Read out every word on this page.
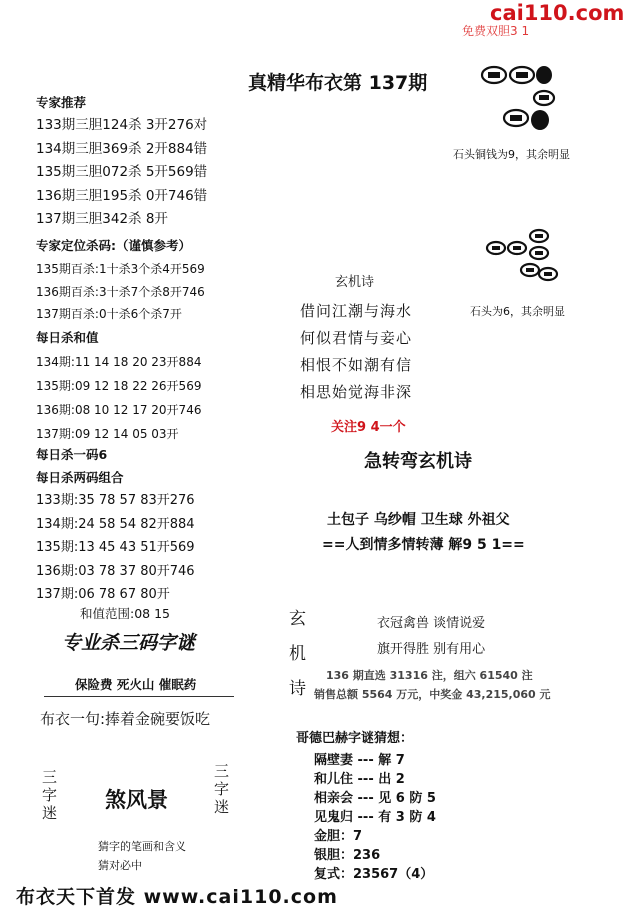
cai110.com
免费双胆3 1
真精华布衣第 137期
专家推荐
133期三胆124杀 3开276对
134期三胆369杀 2开884错
135期三胆072杀 5开569错
136期三胆195杀 0开746错
137期三胆342杀 8开
专家定位杀码:（谨慎参考）
135期百杀:1十杀3个杀4开569
136期百杀:3十杀7个杀8开746
137期百杀:0十杀6个杀7开
每日杀和值
134期:11 14 18 20 23开884
135期:09 12 18 22 26开569
136期:08 10 12 17 20开746
137期:09 12 14 05 03开
每日杀一码6
每日杀两码组合
133期:35 78 57 83开276
134期:24 58 54 82开884
135期:13 45 43 51开569
136期:03 78 37 80开746
137期:06 78 67 80开
和值范围:08 15
专业杀三码字谜
保险费 死火山 催眠药
布衣一句:捧着金碗要饭吃
三字迷
煞风景
三字迷
猜字的笔画和含义
猜对必中
布衣天下首发 www.cai110.com
石头铜钱为9，其余明显
石头为6，其余明显
玄机诗
借问江潮与海水
何似君情与妾心
相恨不如潮有信
相思始觉海非深
关注9 4一个
急转弯玄机诗
土包子 乌纱帽 卫生球 外祖父
==人到情多情转薄 解9 5 1==
玄
机
诗
衣冠禽兽 谈情说爱
旗开得胜 别有用心
136 期直选 31316 注，组六 61540 注
销售总额 5564 万元，中奖金 43,215,060 元
哥德巴赫字谜猜想：
隔壁妻 --- 解 7
和儿住 --- 出 2
相亲会 --- 见 6 防 5
见鬼归 --- 有 3 防 4
金胆：7
银胆：236
复式：23567（4）
